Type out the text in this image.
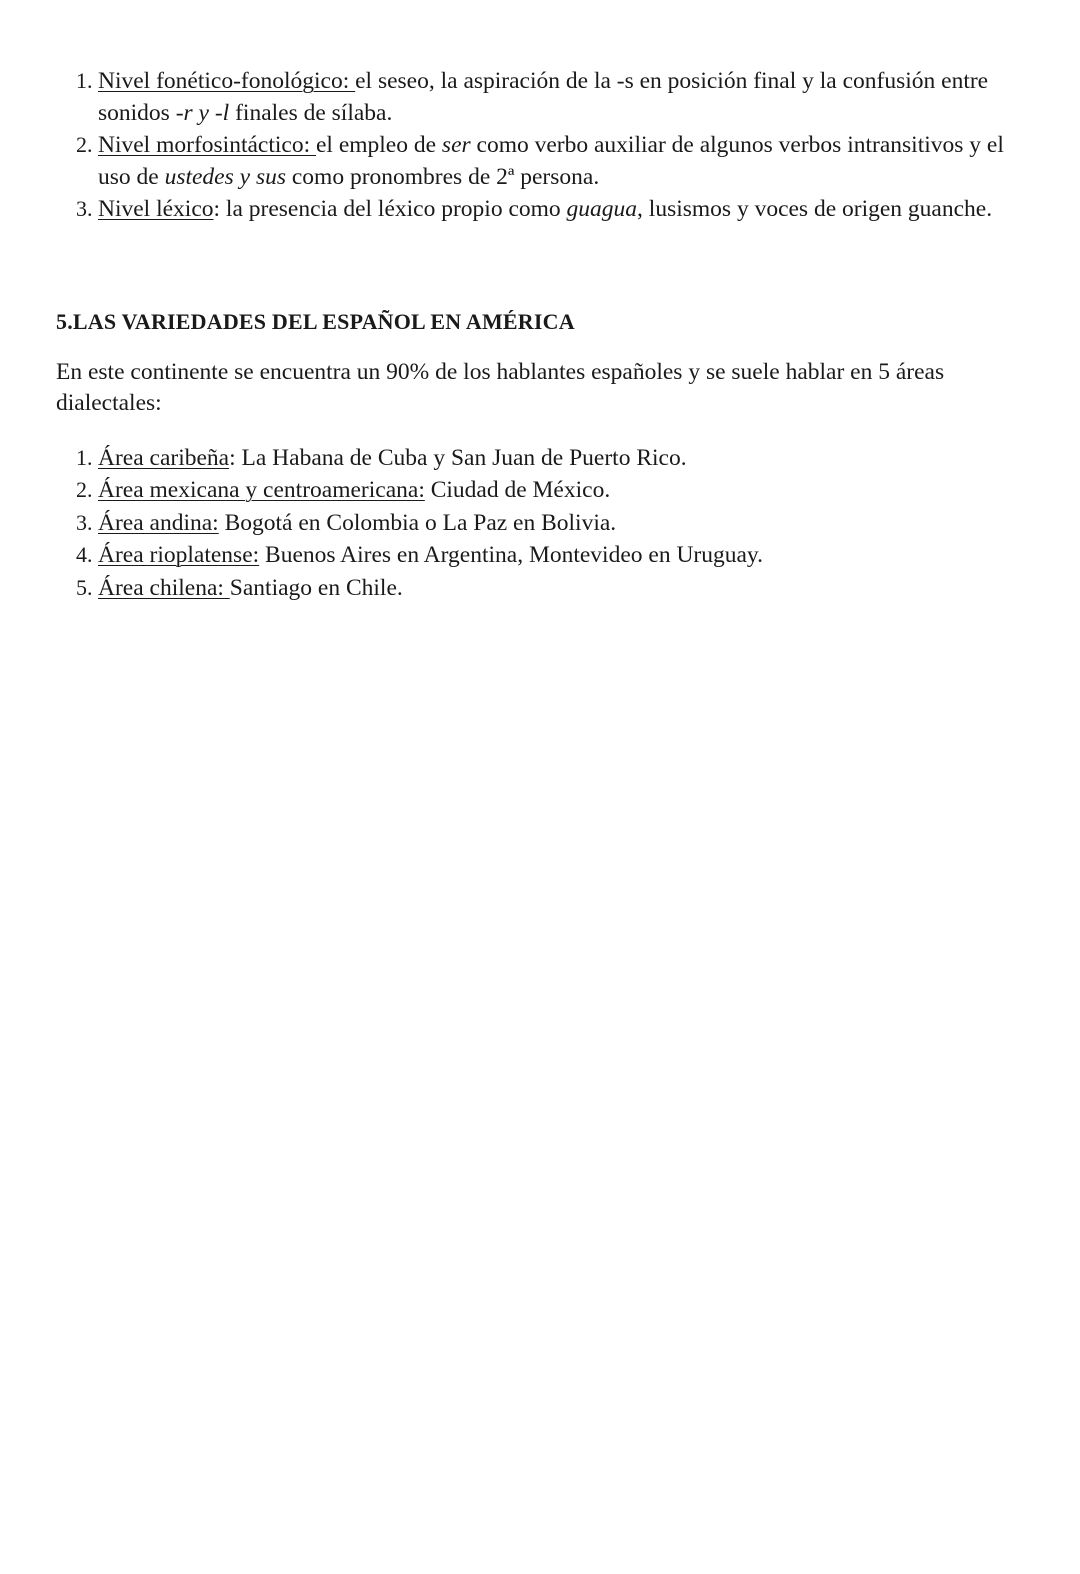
1. Nivel fonético-fonológico: el seseo, la aspiración de la -s en posición final y la confusión entre sonidos -r y -l finales de sílaba.
2. Nivel morfosintáctico: el empleo de ser como verbo auxiliar de algunos verbos intransitivos y el uso de ustedes y sus como pronombres de 2ª persona.
3. Nivel léxico: la presencia del léxico propio como guagua, lusismos y voces de origen guanche.
5.LAS VARIEDADES DEL ESPAÑOL EN AMÉRICA

En este continente se encuentra un 90% de los hablantes españoles y se suele hablar en 5 áreas dialectales:

1. Área caribeña: La Habana de Cuba y San Juan de Puerto Rico.
2. Área mexicana y centroamericana: Ciudad de México.
3. Área andina: Bogotá en Colombia o La Paz en Bolivia.
4. Área rioplatense: Buenos Aires en Argentina, Montevideo en Uruguay.
5. Área chilena: Santiago en Chile.
